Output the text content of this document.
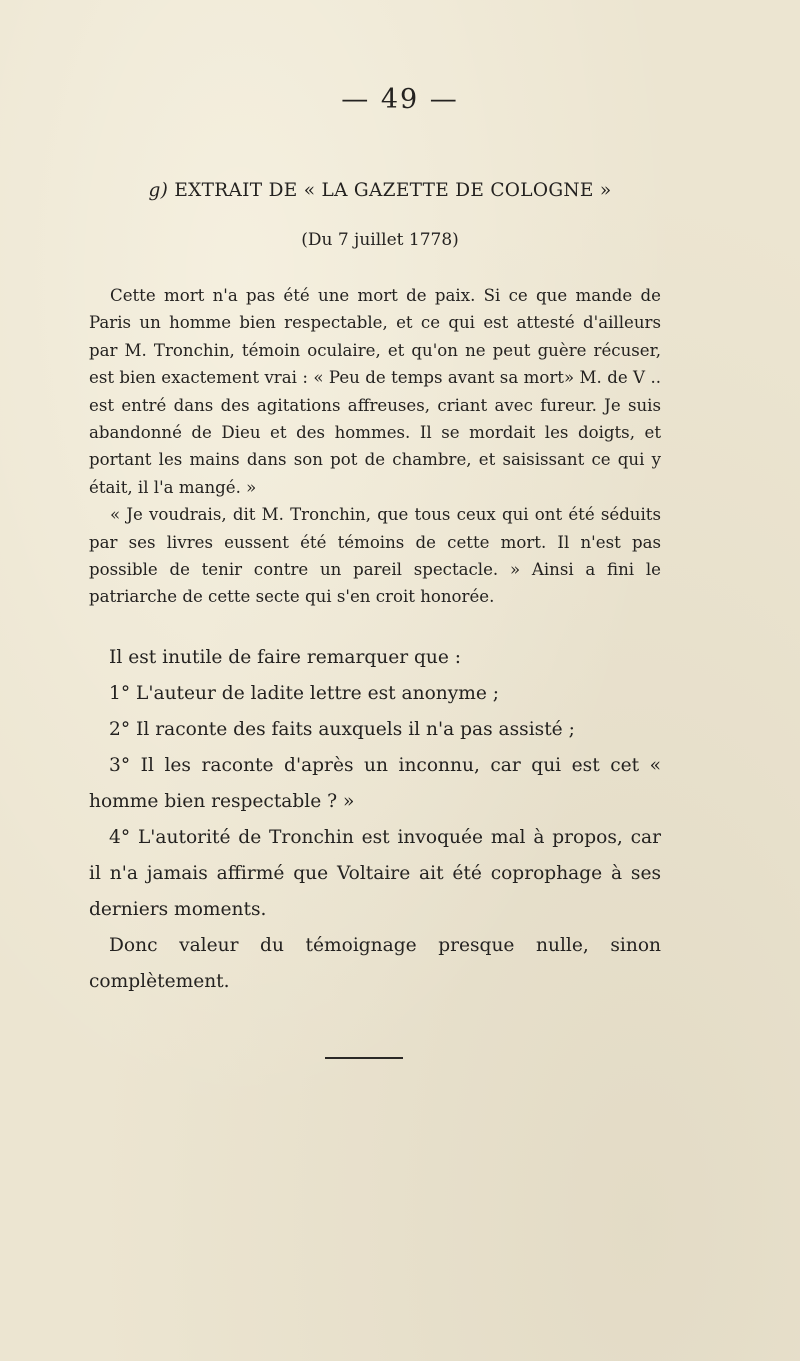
— 49 —
g) EXTRAIT DE « LA GAZETTE DE COLOGNE »
(Du 7 juillet 1778)

Cette mort n'a pas été une mort de paix. Si ce que mande de Paris un homme bien respectable, et ce qui est attesté d'ailleurs par M. Tronchin, témoin oculaire, et qu'on ne peut guère récuser, est bien exactement vrai : « Peu de temps avant sa mort» M. de V .. est entré dans des agitations affreuses, criant avec fureur. Je suis abandonné de Dieu et des hommes. Il se mordait les doigts, et portant les mains dans son pot de chambre, et saisissant ce qui y était, il l'a mangé. »

« Je voudrais, dit M. Tronchin, que tous ceux qui ont été séduits par ses livres eussent été témoins de cette mort. Il n'est pas possible de tenir contre un pareil spectacle. » Ainsi a fini le patriarche de cette secte qui s'en croit honorée.

Il est inutile de faire remarquer que :

1° L'auteur de ladite lettre est anonyme ;

2° Il raconte des faits auxquels il n'a pas assisté ;

3° Il les raconte d'après un inconnu, car qui est cet « homme bien respectable ? »

4° L'autorité de Tronchin est invoquée mal à propos, car il n'a jamais affirmé que Voltaire ait été coprophage à ses derniers moments.

Donc valeur du témoignage presque nulle, sinon complètement.
